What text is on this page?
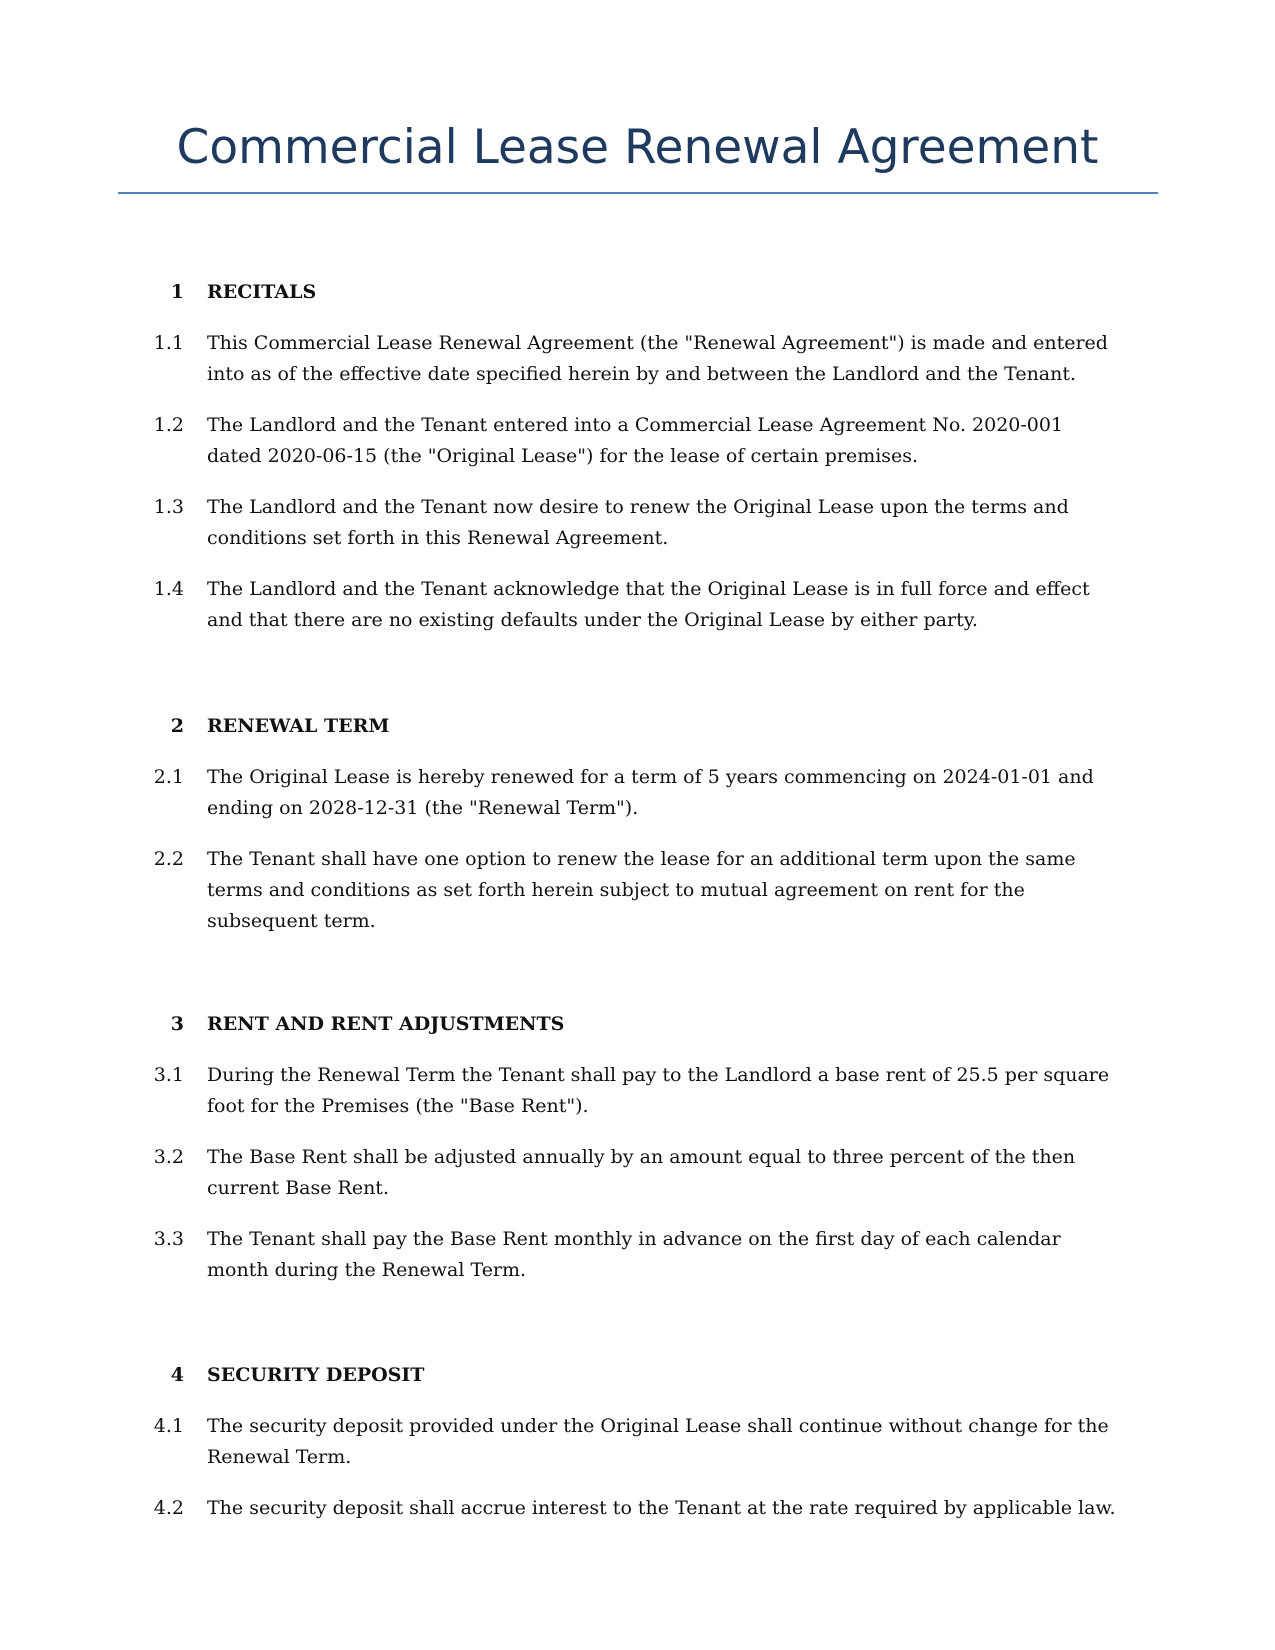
Commercial Lease Renewal Agreement
1 RECITALS
1.1 This Commercial Lease Renewal Agreement (the "Renewal Agreement") is made and entered into as of the effective date specified herein by and between the Landlord and the Tenant.
1.2 The Landlord and the Tenant entered into a Commercial Lease Agreement No. 2020-001 dated 2020-06-15 (the "Original Lease") for the lease of certain premises.
1.3 The Landlord and the Tenant now desire to renew the Original Lease upon the terms and conditions set forth in this Renewal Agreement.
1.4 The Landlord and the Tenant acknowledge that the Original Lease is in full force and effect and that there are no existing defaults under the Original Lease by either party.
2 RENEWAL TERM
2.1 The Original Lease is hereby renewed for a term of 5 years commencing on 2024-01-01 and ending on 2028-12-31 (the "Renewal Term").
2.2 The Tenant shall have one option to renew the lease for an additional term upon the same terms and conditions as set forth herein subject to mutual agreement on rent for the subsequent term.
3 RENT AND RENT ADJUSTMENTS
3.1 During the Renewal Term the Tenant shall pay to the Landlord a base rent of 25.5 per square foot for the Premises (the "Base Rent").
3.2 The Base Rent shall be adjusted annually by an amount equal to three percent of the then current Base Rent.
3.3 The Tenant shall pay the Base Rent monthly in advance on the first day of each calendar month during the Renewal Term.
4 SECURITY DEPOSIT
4.1 The security deposit provided under the Original Lease shall continue without change for the Renewal Term.
4.2 The security deposit shall accrue interest to the Tenant at the rate required by applicable law.
